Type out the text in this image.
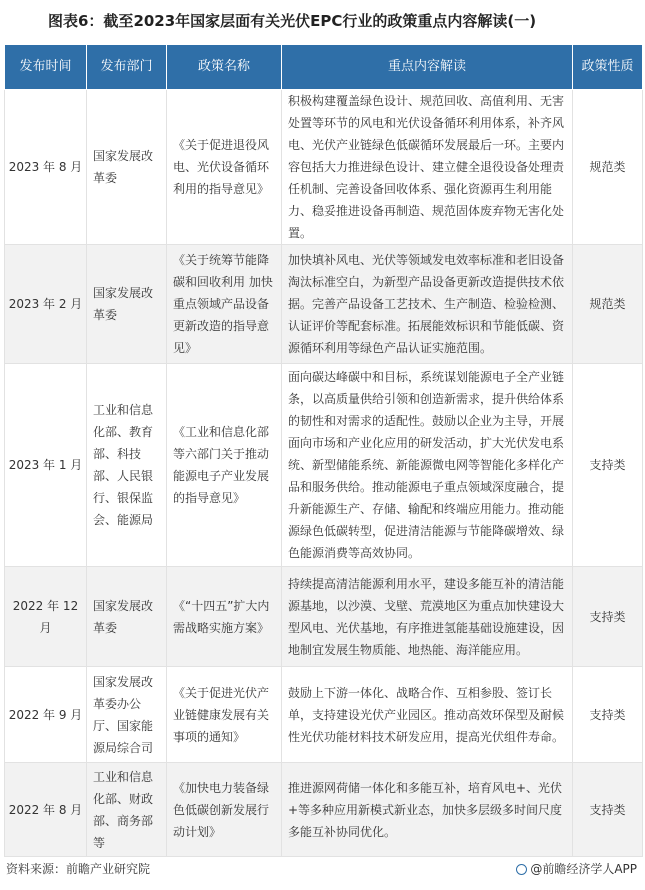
图表6：截至2023年国家层面有关光伏EPC行业的政策重点内容解读(一)
发布时间	发布部门	政策名称	重点内容解读	政策性质
2023 年 8 月	国家发展改革委	《关于促进退役风电、光伏设备循环利用的指导意见》	积极构建覆盖绿色设计、规范回收、高值利用、无害处置等环节的风电和光伏设备循环利用体系，补齐风电、光伏产业链绿色低碳循环发展最后一环。主要内容包括大力推进绿色设计、建立健全退役设备处理责任机制、完善设备回收体系、强化资源再生利用能力、稳妥推进设备再制造、规范固体废弃物无害化处置。	规范类
2023 年 2 月	国家发展改革委	《关于统筹节能降碳和回收利用 加快重点领域产品设备更新改造的指导意见》	加快填补风电、光伏等领域发电效率标准和老旧设备淘汰标准空白，为新型产品设备更新改造提供技术依据。完善产品设备工艺技术、生产制造、检验检测、认证评价等配套标准。拓展能效标识和节能低碳、资源循环利用等绿色产品认证实施范围。	规范类
2023 年 1 月	工业和信息化部、教育部、科技部、人民银行、银保监会、能源局	《工业和信息化部等六部门关于推动能源电子产业发展的指导意见》	面向碳达峰碳中和目标，系统谋划能源电子全产业链条，以高质量供给引领和创造新需求，提升供给体系的韧性和对需求的适配性。鼓励以企业为主导，开展面向市场和产业化应用的研发活动，扩大光伏发电系统、新型储能系统、新能源微电网等智能化多样化产品和服务供给。推动能源电子重点领域深度融合，提升新能源生产、存储、输配和终端应用能力。推动能源绿色低碳转型，促进清洁能源与节能降碳增效、绿色能源消费等高效协同。	支持类
2022 年 12 月	国家发展改革委	《“十四五”扩大内需战略实施方案》	持续提高清洁能源利用水平，建设多能互补的清洁能源基地，以沙漠、戈壁、荒漠地区为重点加快建设大型风电、光伏基地，有序推进氢能基础设施建设，因地制宜发展生物质能、地热能、海洋能应用。	支持类
2022 年 9 月	国家发展改革委办公厅、国家能源局综合司	《关于促进光伏产业链健康发展有关事项的通知》	鼓励上下游一体化、战略合作、互相参股、签订长单，支持建设光伏产业园区。推动高效环保型及耐候性光伏功能材料技术研发应用，提高光伏组件寿命。	支持类
2022 年 8 月	工业和信息化部、财政部、商务部等	《加快电力装备绿色低碳创新发展行动计划》	推进源网荷储一体化和多能互补，培育风电+、光伏+等多种应用新模式新业态，加快多层级多时间尺度多能互补协同优化。	支持类
资料来源：前瞻产业研究院	@前瞻经济学人APP
